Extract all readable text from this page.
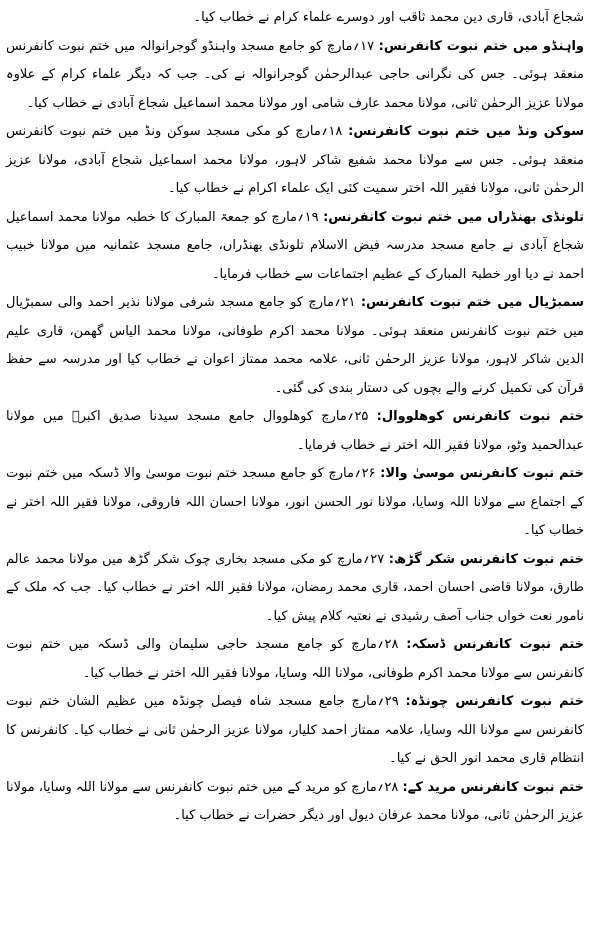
شجاع آبادی، قاری دین محمد ثاقب اور دوسرے علماء کرام نے خطاب کیا۔

واہنڈو میں ختم نبوت کانفرنس: ۱۷؍مارچ کو جامع مسجد واہنڈو گوجرانوالہ میں ختم نبوت کانفرنس منعقد ہوئی۔ جس کی نگرانی حاجی عبدالرحمٰن گوجرانوالہ نے کی۔ جب کہ دیگر علماء کرام کے علاوہ مولانا عزیز الرحمٰن ثانی، مولانا محمد عارف شامی اور مولانا محمد اسماعیل شجاع آبادی نے خطاب کیا۔

سوکن ونڈ میں ختم نبوت کانفرنس: ۱۸؍مارچ کو مکی مسجد سوکن ونڈ میں ختم نبوت کانفرنس منعقد ہوئی۔ جس سے مولانا محمد شفیع شاکر لاہور، مولانا محمد اسماعیل شجاع آبادی، مولانا عزیز الرحمٰن ثانی، مولانا فقیر اللہ اختر سمیت کئی ایک علماء اکرام نے خطاب کیا۔

تلونڈی بھنڈراں میں ختم نبوت کانفرنس: ۱۹؍مارچ کو جمعۃ المبارک کا خطبہ مولانا محمد اسماعیل شجاع آبادی نے جامع مسجد مدرسہ فیض الاسلام تلونڈی بھنڈراں، جامع مسجد عثمانیہ میں مولانا خبیب احمد نے دیا اور خطبۃ المبارک کے عظیم اجتماعات سے خطاب فرمایا۔

سمبڑیال میں ختم نبوت کانفرنس: ۲۱؍مارچ کو جامع مسجد شرفی مولانا نذیر احمد والی سمبڑیال میں ختم نبوت کانفرنس منعقد ہوئی۔ مولانا محمد اکرم طوفانی، مولانا محمد الیاس گھمن، قاری علیم الدین شاکر لاہور، مولانا عزیز الرحمٰن ثانی، علامہ محمد ممتاز اعوان نے خطاب کیا اور مدرسہ سے حفظ قرآن کی تکمیل کرنے والے بچوں کی دستار بندی کی گئی۔

ختم نبوت کانفرنس کوھلووال: ۲۵؍مارچ کوھلووال جامع مسجد سیدنا صدیق اکبرؓ میں مولانا عبدالحمید وٹو، مولانا فقیر اللہ اختر نے خطاب فرمایا۔

ختم نبوت کانفرنس موسیٰ والا: ۲۶؍مارچ کو جامع مسجد ختم نبوت موسیٰ والا ڈسکہ میں ختم نبوت کے اجتماع سے مولانا اللہ وسایا، مولانا نور الحسن انور، مولانا احسان اللہ فاروقی، مولانا فقیر اللہ اختر نے خطاب کیا۔

ختم نبوت کانفرنس شکر گڑھ: ۲۷؍مارچ کو مکی مسجد بخاری چوک شکر گڑھ میں مولانا محمد عالم طارق، مولانا قاضی احسان احمد، قاری محمد رمضان، مولانا فقیر اللہ اختر نے خطاب کیا۔ جب کہ ملک کے نامور نعت خواں جناب آصف رشیدی نے نعتیہ کلام پیش کیا۔

ختم نبوت کانفرنس ڈسکہ: ۲۸؍مارچ کو جامع مسجد حاجی سلیمان والی ڈسکہ میں ختم نبوت کانفرنس سے مولانا محمد اکرم طوفانی، مولانا اللہ وسایا، مولانا فقیر اللہ اختر نے خطاب کیا۔

ختم نبوت کانفرنس چونڈہ: ۲۹؍مارچ جامع مسجد شاہ فیصل چونڈہ میں عظیم الشان ختم نبوت کانفرنس سے مولانا اللہ وسایا، علامہ ممتاز احمد کلیار، مولانا عزیز الرحمٰن ثانی نے خطاب کیا۔ کانفرنس کا انتظام قاری محمد انور الحق نے کیا۔

ختم نبوت کانفرنس مرید کے: ۲۸؍مارچ کو مرید کے میں ختم نبوت کانفرنس سے مولانا اللہ وسایا، مولانا عزیز الرحمٰن ثانی، مولانا محمد عرفان دیول اور دیگر حضرات نے خطاب کیا۔
